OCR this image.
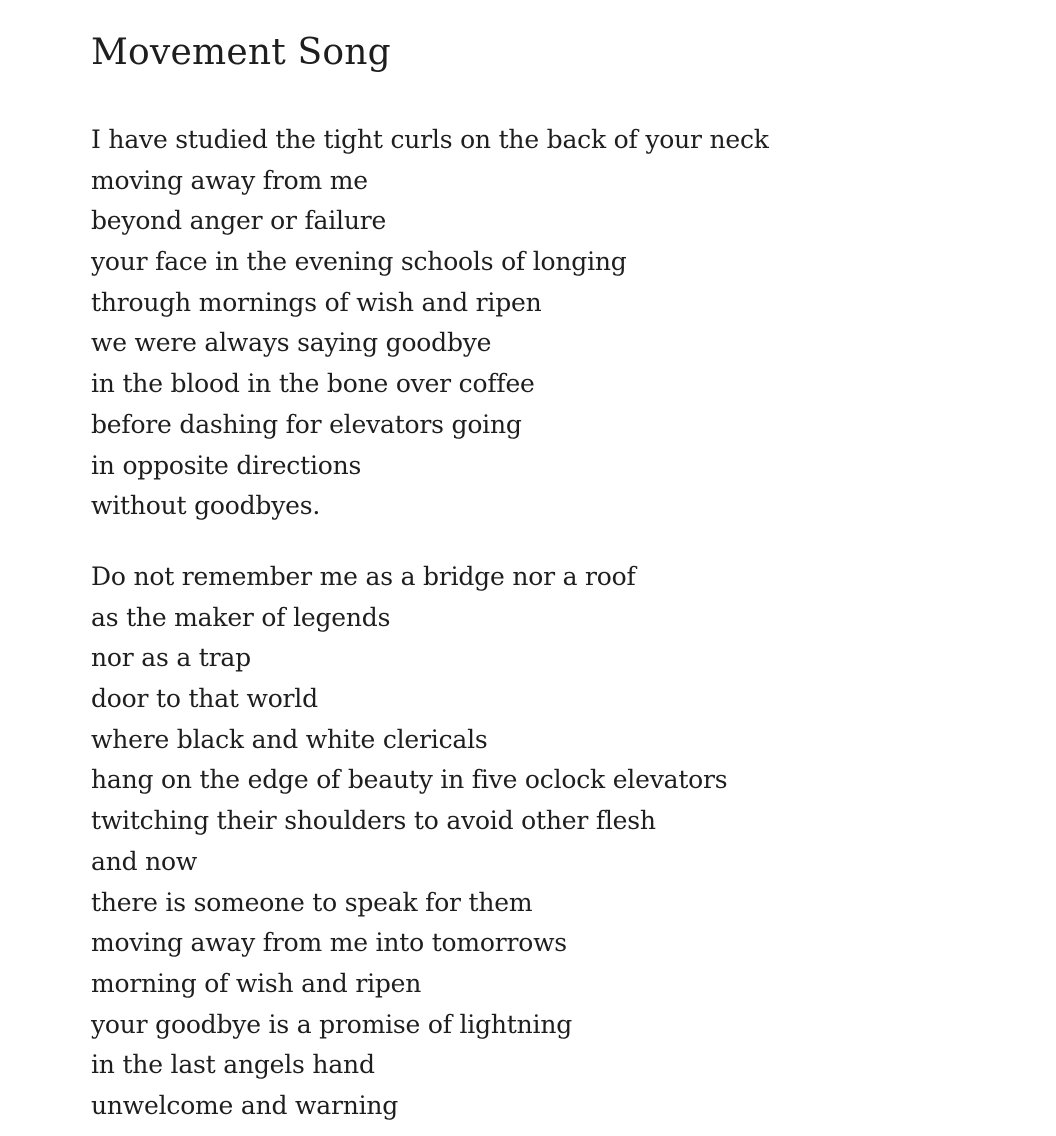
Movement Song
I have studied the tight curls on the back of your neck
moving away from me
beyond anger or failure
your face in the evening schools of longing
through mornings of wish and ripen
we were always saying goodbye
in the blood in the bone over coffee
before dashing for elevators going
in opposite directions
without goodbyes.
Do not remember me as a bridge nor a roof
as the maker of legends
nor as a trap
door to that world
where black and white clericals
hang on the edge of beauty in five oclock elevators
twitching their shoulders to avoid other flesh
and now
there is someone to speak for them
moving away from me into tomorrows
morning of wish and ripen
your goodbye is a promise of lightning
in the last angels hand
unwelcome and warning
